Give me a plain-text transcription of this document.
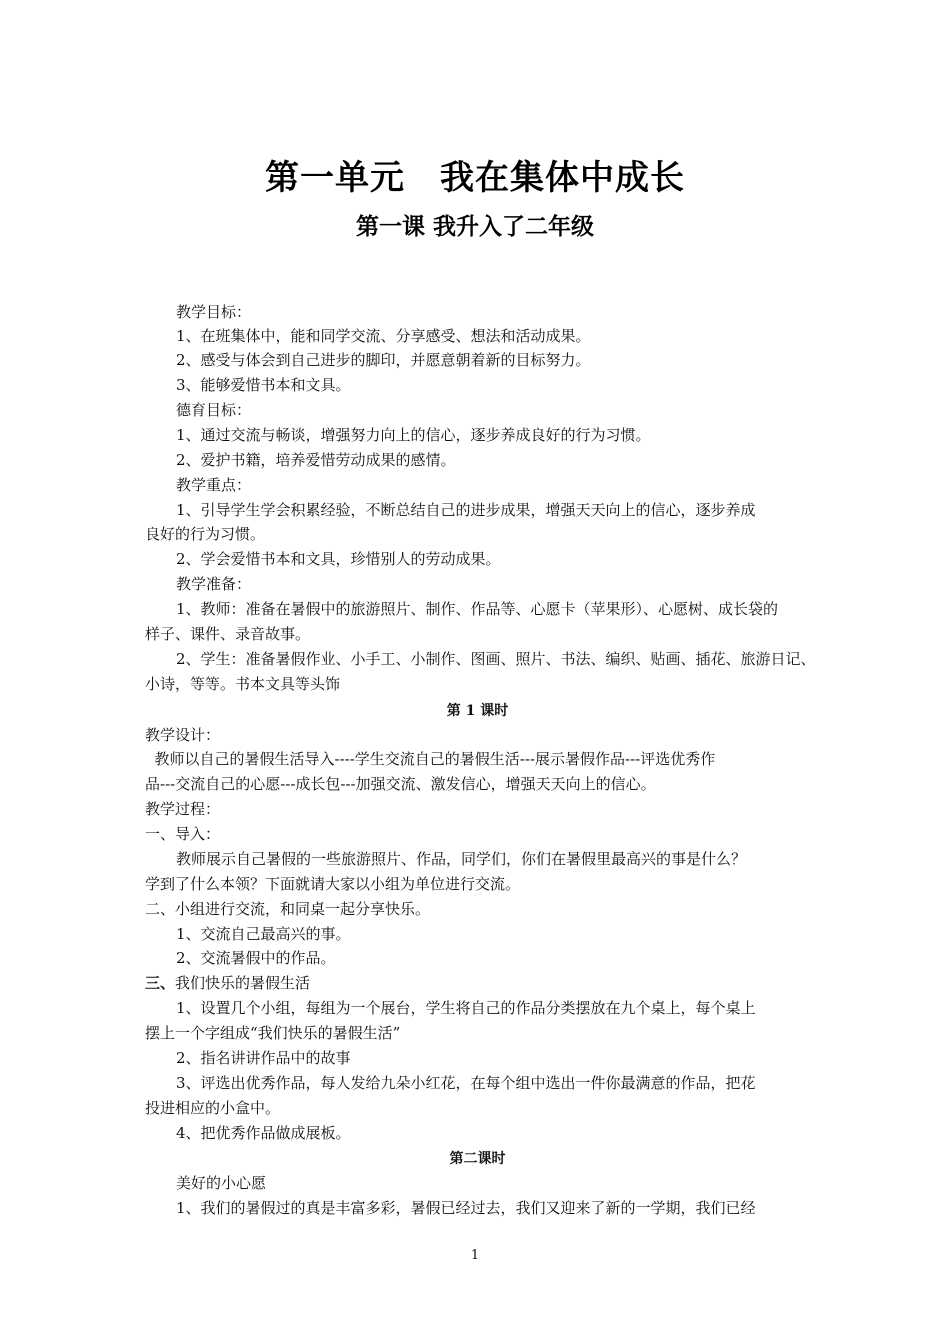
第一单元　我在集体中成长
第一课 我升入了二年级

教学目标：

1、在班集体中，能和同学交流、分享感受、想法和活动成果。

2、感受与体会到自己进步的脚印，并愿意朝着新的目标努力。

3、能够爱惜书本和文具。

德育目标：

1、通过交流与畅谈，增强努力向上的信心，逐步养成良好的行为习惯。

2、爱护书籍，培养爱惜劳动成果的感情。

教学重点：

1、引导学生学会积累经验，不断总结自己的进步成果，增强天天向上的信心，逐步养成

良好的行为习惯。

2、学会爱惜书本和文具，珍惜别人的劳动成果。

教学准备：

1、教师：准备在暑假中的旅游照片、制作、作品等、心愿卡（苹果形）、心愿树、成长袋的

样子、课件、录音故事。

2、学生：准备暑假作业、小手工、小制作、图画、照片、书法、编织、贴画、插花、旅游日记、

小诗，等等。书本文具等头饰

第 1 课时

教学设计：

教师以自己的暑假生活导入----学生交流自己的暑假生活---展示暑假作品---评选优秀作

品---交流自己的心愿---成长包---加强交流、激发信心，增强天天向上的信心。

教学过程：

一、导入：

教师展示自己暑假的一些旅游照片、作品，同学们，你们在暑假里最高兴的事是什么？

学到了什么本领？下面就请大家以小组为单位进行交流。

二、小组进行交流，和同桌一起分享快乐。

1、交流自己最高兴的事。

2、交流暑假中的作品。

三、我们快乐的暑假生活

1、设置几个小组，每组为一个展台，学生将自己的作品分类摆放在九个桌上，每个桌上

摆上一个字组成“我们快乐的暑假生活”

2、指名讲讲作品中的故事

3、评选出优秀作品，每人发给九朵小红花，在每个组中选出一件你最满意的作品，把花

投进相应的小盒中。

4、把优秀作品做成展板。

第二课时

美好的小心愿

1、我们的暑假过的真是丰富多彩，暑假已经过去，我们又迎来了新的一学期，我们已经

1
